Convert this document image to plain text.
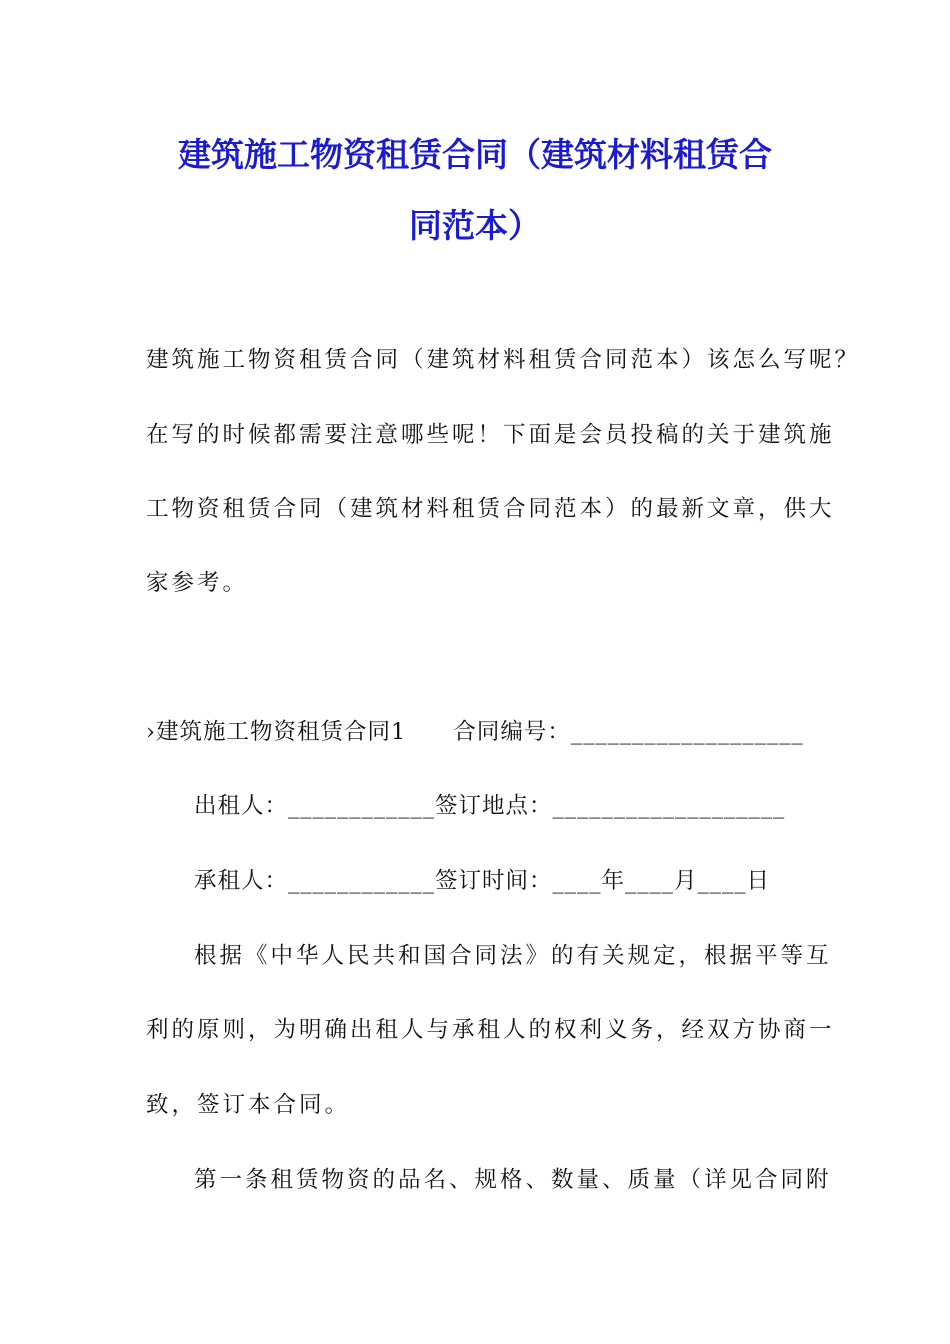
建筑施工物资租赁合同（建筑材料租赁合
同范本）
建筑施工物资租赁合同（建筑材料租赁合同范本）该怎么写呢？
在写的时候都需要注意哪些呢！下面是会员投稿的关于建筑施
工物资租赁合同（建筑材料租赁合同范本）的最新文章，供大
家参考。
›建筑施工物资租赁合同1　　合同编号：___________________
出租人：____________签订地点：___________________
承租人：____________签订时间：____年____月____日
根据《中华人民共和国合同法》的有关规定，根据平等互
利的原则，为明确出租人与承租人的权利义务，经双方协商一
致，签订本合同。
第一条租赁物资的品名、规格、数量、质量（详见合同附
